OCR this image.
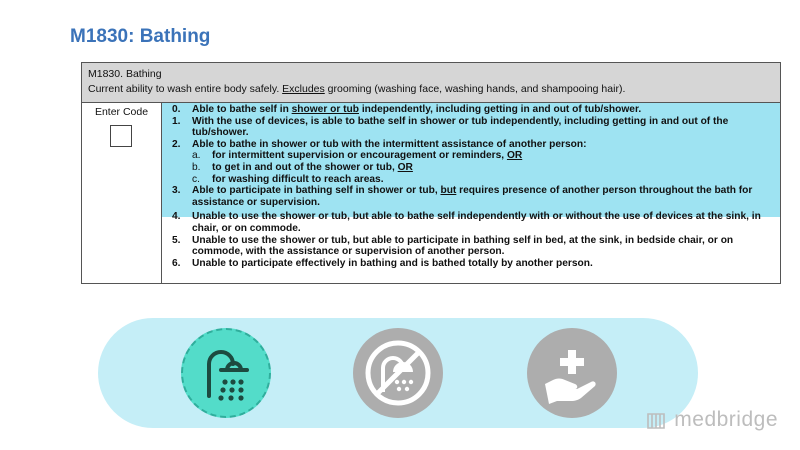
M1830: Bathing
M1830. Bathing
Current ability to wash entire body safely. Excludes grooming (washing face, washing hands, and shampooing hair).
Enter Code	0. Able to bathe self in shower or tub independently, including getting in and out of tub/shower.
1. With the use of devices, is able to bathe self in shower or tub independently, including getting in and out of the tub/shower.
2. Able to bathe in shower or tub with the intermittent assistance of another person:
a. for intermittent supervision or encouragement or reminders, OR
b. to get in and out of the shower or tub, OR
c. for washing difficult to reach areas.
3. Able to participate in bathing self in shower or tub, but requires presence of another person throughout the bath for assistance or supervision.
4. Unable to use the shower or tub, but able to bathe self independently with or without the use of devices at the sink, in chair, or on commode.
5. Unable to use the shower or tub, but able to participate in bathing self in bed, at the sink, in bedside chair, or on commode, with the assistance or supervision of another person.
6. Unable to participate effectively in bathing and is bathed totally by another person.
medbridge
